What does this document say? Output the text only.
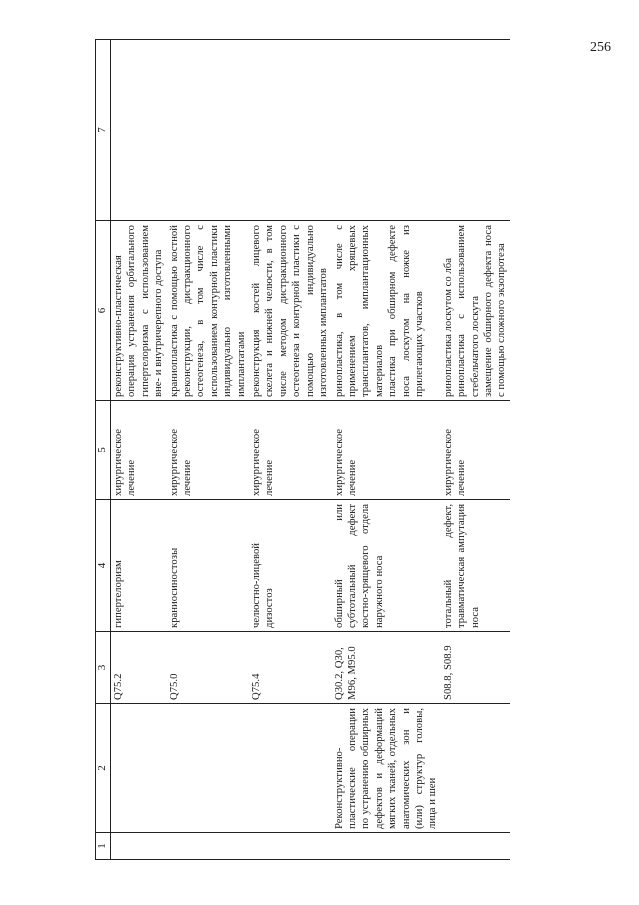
256
1	2	3	4	5	6	7
		Q75.2	гипертелоризм	хирургическое лечение	реконструктивно-пластическая операция устранения орбитального гипертелоризма с использованием вне- и внутричерепного доступа	
		Q75.0	краниосиностозы	хирургическое лечение	краниопластика с помощью костной реконструкции, дистракционного остеогенеза, в том числе с использованием контурной пластики индивидуально изготовленными имплантатами	
		Q75.4	челюстно-лицевой дизостоз	хирургическое лечение	реконструкция костей лицевого скелета и нижней челюсти, в том числе методом дистракционного остеогенеза и контурной пластики с помощью индивидуально изготовленных имплантатов	
	Реконструктивно-пластические операции по устранению обширных дефектов и деформаций мягких тканей, отдельных анатомических зон и (или) структур головы, лица и шеи	Q30.2, Q30, M96, M95.0	обширный или субтотальный дефект костно-хрящевого отдела наружного носа	хирургическое лечение	ринопластика, в том числе с применением хрящевых трансплантатов, имплантационных материалов пластика при обширном дефекте носа лоскутом на ножке из прилегающих участков	

		S08.8, S08.9	тотальный дефект, травматическая ампутация носа	хирургическое лечение	ринопластика лоскутом со лба ринопластика с использованием стебельчатого лоскута замещение обширного дефекта носа с помощью сложного экзопротеза	
